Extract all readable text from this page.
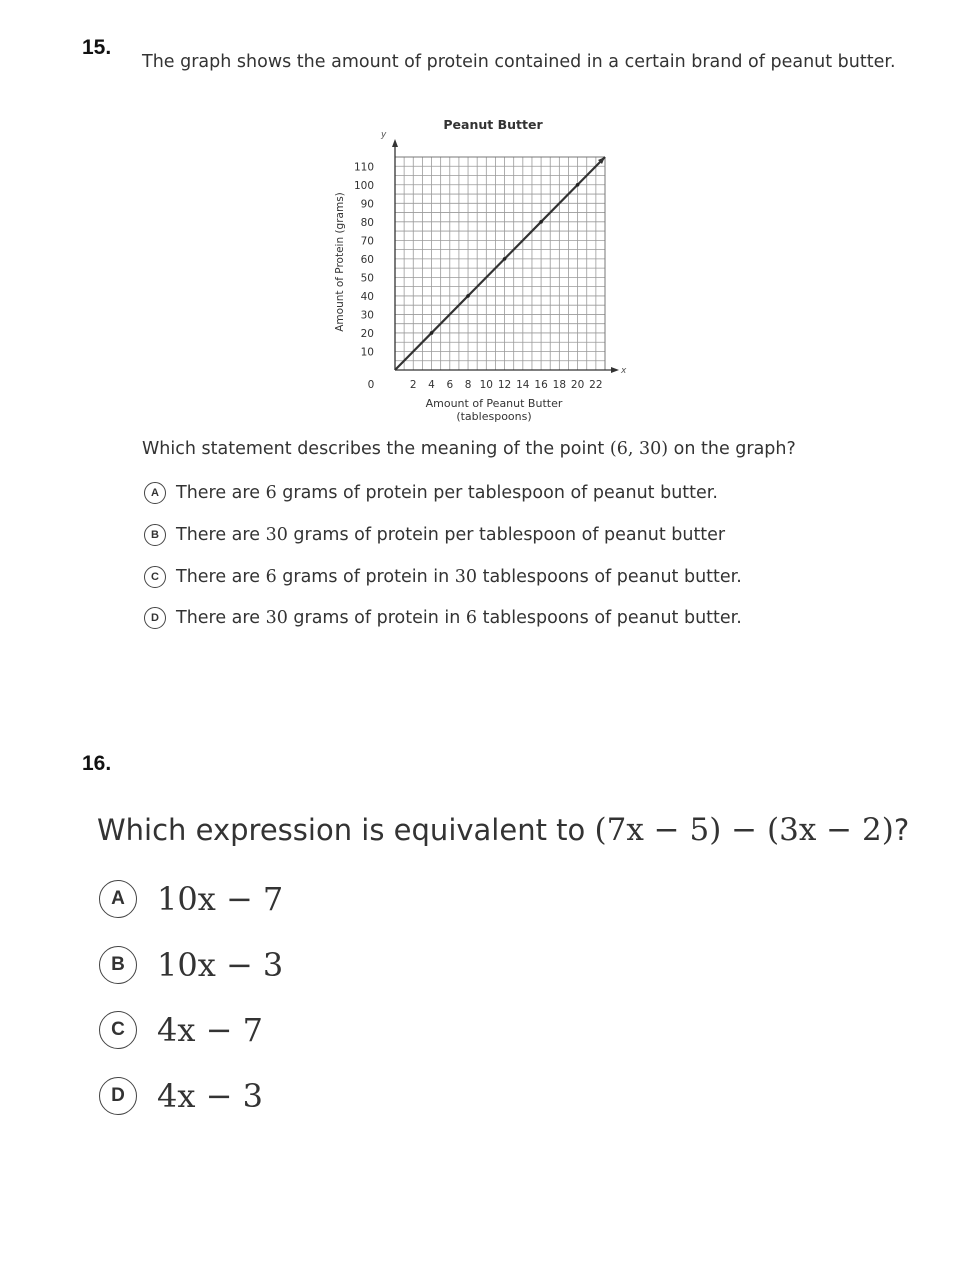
15.
The graph shows the amount of protein contained in a certain brand of peanut butter.
y
x
Peanut Butter
10
20
30
40
50
60
70
80
90
100
110
2 4 6 8 10 12 14 16 18 20 22
0
Amount of Peanut Butter
(tablespoons)
Amount of Protein (grams)
Which statement describes the meaning of the point (6, 30) on the graph?
A There are 6 grams of protein per tablespoon of peanut butter.
B There are 30 grams of protein per tablespoon of peanut butter
C There are 6 grams of protein in 30 tablespoons of peanut butter.
D There are 30 grams of protein in 6 tablespoons of peanut butter.
16.
Which expression is equivalent to (7x − 5) − (3x − 2)?
A	10x − 7
B	10x − 3
C	4x − 7
D	4x − 3
